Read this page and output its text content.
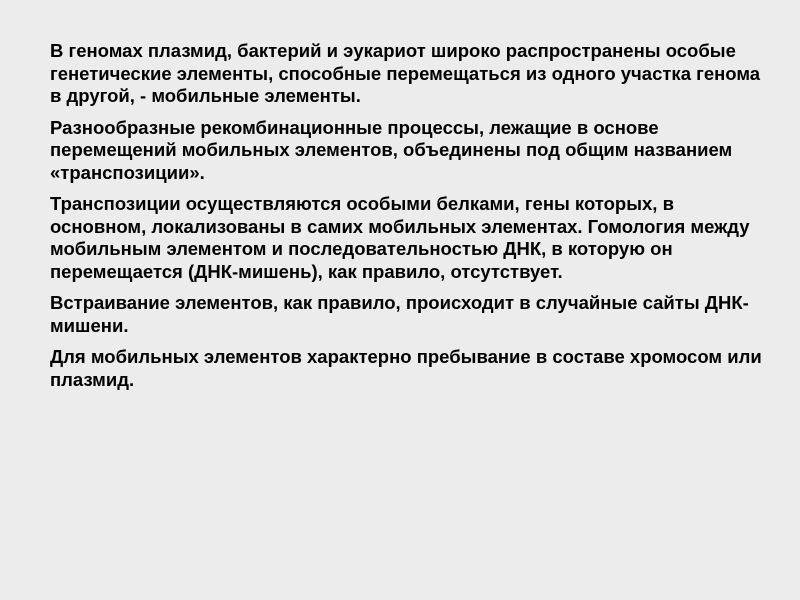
В геномах плазмид, бактерий и эукариот широко распространены особые генетические элементы, способные перемещаться из одного участка генома в другой, - мобильные элементы.

Разнообразные рекомбинационные процессы, лежащие в основе перемещений мобильных элементов, объединены под общим названием «транспозиции».

Транспозиции осуществляются особыми белками, гены которых, в основном, локализованы в самих мобильных элементах. Гомология между мобильным элементом и последовательностью ДНК, в которую он перемещается (ДНК-мишень), как правило, отсутствует.

Встраивание элементов, как правило, происходит в случайные сайты ДНК-мишени.

Для мобильных элементов характерно пребывание в составе хромосом или плазмид.
